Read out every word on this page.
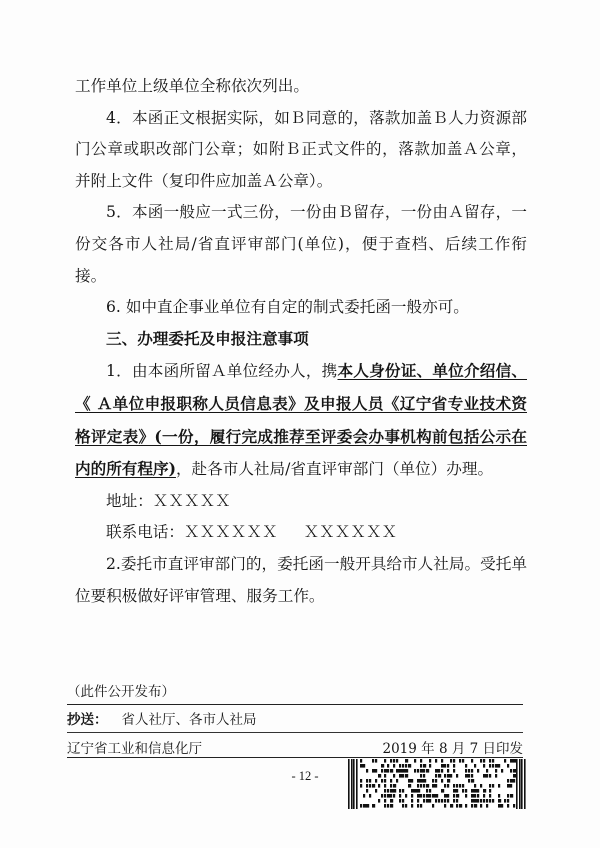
工作单位上级单位全称依次列出。

4．本函正文根据实际，如Ｂ同意的，落款加盖Ｂ人力资源部门公章或职改部门公章；如附Ｂ正式文件的，落款加盖Ａ公章，并附上文件（复印件应加盖Ａ公章）。

5．本函一般应一式三份，一份由Ｂ留存，一份由Ａ留存，一份交各市人社局/省直评审部门(单位)，便于查档、后续工作衔接。

6. 如中直企事业单位有自定的制式委托函一般亦可。

三、办理委托及申报注意事项

1．由本函所留Ａ单位经办人，携本人身份证、单位介绍信、《 Ａ单位申报职称人员信息表》及申报人员《辽宁省专业技术资格评定表》(一份，履行完成推荐至评委会办事机构前包括公示在内的所有程序)，赴各市人社局/省直评审部门（单位）办理。

地址：ＸＸＸＸＸ

联系电话：ＸＸＸＸＸＸ ＸＸＸＸＸＸ

2.委托市直评审部门的，委托函一般开具给市人社局。受托单位要积极做好评审管理、服务工作。

（此件公开发布）
抄送： 省人社厅、各市人社局
辽宁省工业和信息化厅	2019 年 8 月 7 日印发
- 12 -
